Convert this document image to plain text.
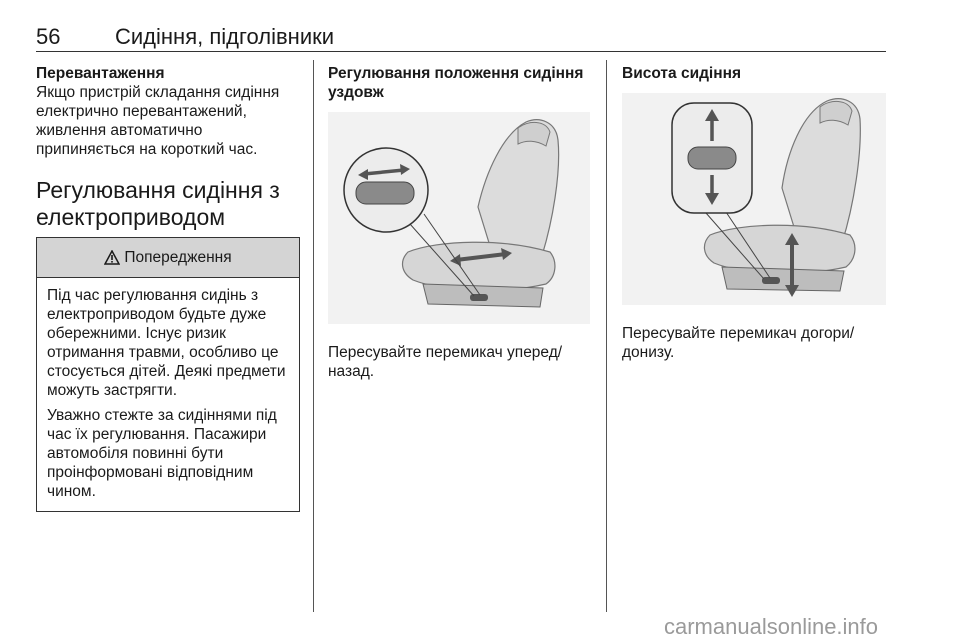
56 Сидіння, підголівники
Перевантаження
Якщо пристрій складання сидіння електрично перевантажений, живлення автоматично припиняється на короткий час.
Регулювання сидіння з електроприводом
Попередження

Під час регулювання сидінь з електроприводом будьте дуже обережними. Існує ризик отримання травми, особливо це стосується дітей. Деякі предмети можуть застрягти.

Уважно стежте за сидіннями під час їх регулювання. Пасажири автомобіля повинні бути проінформовані відповідним чином.

Регулювання положення сидіння уздовж
Пересувайте перемикач уперед/назад.
Висота сидіння
Пересувайте перемикач догори/донизу.
carmanualsonline.info
